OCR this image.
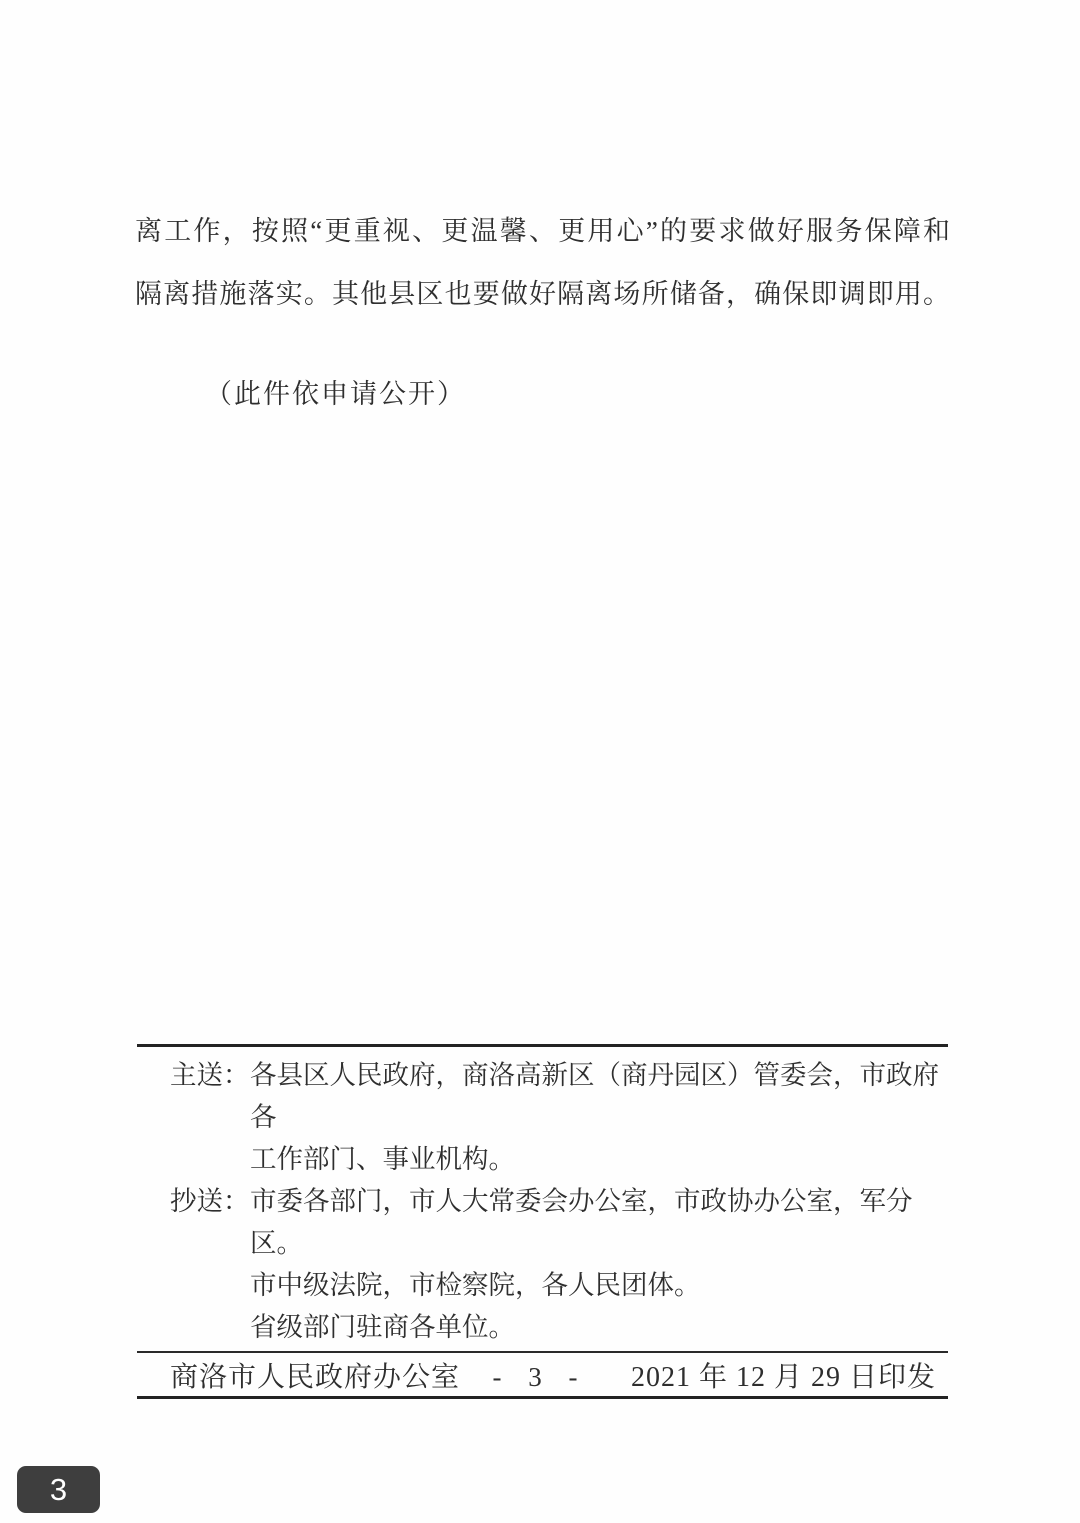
离工作，按照“更重视、更温馨、更用心”的要求做好服务保障和
隔离措施落实。其他县区也要做好隔离场所储备，确保即调即用。
（此件依申请公开）
主送： 各县区人民政府，商洛高新区（商丹园区）管委会，市政府各
工作部门、事业机构。
抄送： 市委各部门，市人大常委会办公室，市政协办公室，军分区。
市中级法院，市检察院，各人民团体。
省级部门驻商各单位。
商洛市人民政府办公室	2021 年 12 月 29 日印发
- 3 -
3
